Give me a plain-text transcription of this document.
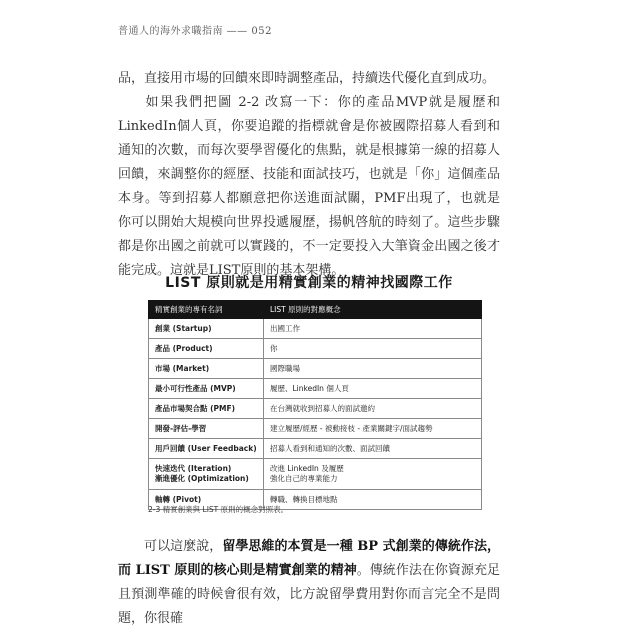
普通人的海外求職指南 —— 052

品，直接用市場的回饋來即時調整產品，持續迭代優化直到成功。

如果我們把圖 2-2 改寫一下：你的產品MVP就是履歷和LinkedIn個人頁，你要追蹤的指標就會是你被國際招募人看到和通知的次數，而每次要學習優化的焦點，就是根據第一線的招募人回饋，來調整你的經歷、技能和面試技巧，也就是「你」這個產品本身。等到招募人都願意把你送進面試關，PMF出現了，也就是你可以開始大規模向世界投遞履歷，揚帆啓航的時刻了。這些步驟都是你出國之前就可以實踐的，不一定要投入大筆資金出國之後才能完成。這就是LIST原則的基本架構。

LIST 原則就是用精實創業的精神找國際工作
精實創業的專有名詞	LIST 原則的對應概念

創業 (Startup)	出國工作

產品 (Product)	你

市場 (Market)	國際職場

最小可行性產品 (MVP)	履歷、LinkedIn 個人頁

產品市場契合點 (PMF)	在台灣就收到招募人的面試邀約

開發-評估-學習	建立履歷/經歷 - 被動接枝 - 產業關鍵字/面試趨勢

用戶回饋 (User Feedback)	招募人看到和通知的次數、面試回饋

快速迭代 (Iteration)
漸進優化 (Optimization)	改進 LinkedIn 及履歷
強化自己的專業能力

軸轉 (Pivot)	轉職、轉換目標地點
2-3 精實創業與 LIST 原則的概念對照表。

可以這麼說，留學思維的本質是一種 BP 式創業的傳統作法，而 LIST 原則的核心則是精實創業的精神。傳統作法在你資源充足且預測準確的時候會很有效，比方說留學費用對你而言完全不是問題，你很確
